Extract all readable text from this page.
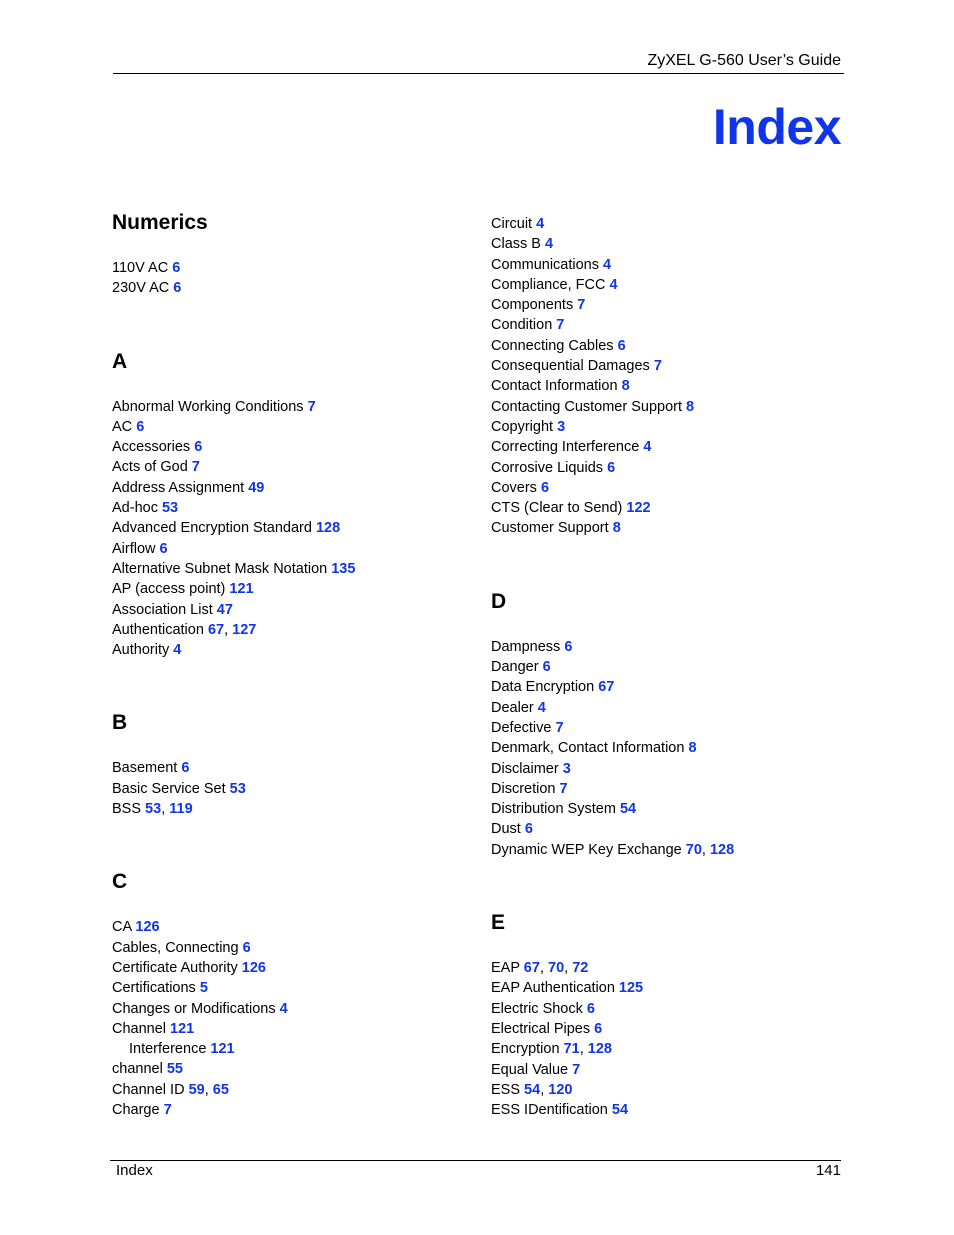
ZyXEL G-560 User’s Guide
Index
Numerics
110V AC 6
230V AC 6
A
Abnormal Working Conditions 7
AC 6
Accessories 6
Acts of God 7
Address Assignment 49
Ad-hoc 53
Advanced Encryption Standard 128
Airflow 6
Alternative Subnet Mask Notation 135
AP (access point) 121
Association List 47
Authentication 67, 127
Authority 4
B
Basement 6
Basic Service Set 53
BSS 53, 119
C
CA 126
Cables, Connecting 6
Certificate Authority 126
Certifications 5
Changes or Modifications 4
Channel 121
Interference 121
channel 55
Channel ID 59, 65
Charge 7
Circuit 4
Class B 4
Communications 4
Compliance, FCC 4
Components 7
Condition 7
Connecting Cables 6
Consequential Damages 7
Contact Information 8
Contacting Customer Support 8
Copyright 3
Correcting Interference 4
Corrosive Liquids 6
Covers 6
CTS (Clear to Send) 122
Customer Support 8
D
Dampness 6
Danger 6
Data Encryption 67
Dealer 4
Defective 7
Denmark, Contact Information 8
Disclaimer 3
Discretion 7
Distribution System 54
Dust 6
Dynamic WEP Key Exchange 70, 128
E
EAP 67, 70, 72
EAP Authentication 125
Electric Shock 6
Electrical Pipes 6
Encryption 71, 128
Equal Value 7
ESS 54, 120
ESS IDentification 54
Index	141
